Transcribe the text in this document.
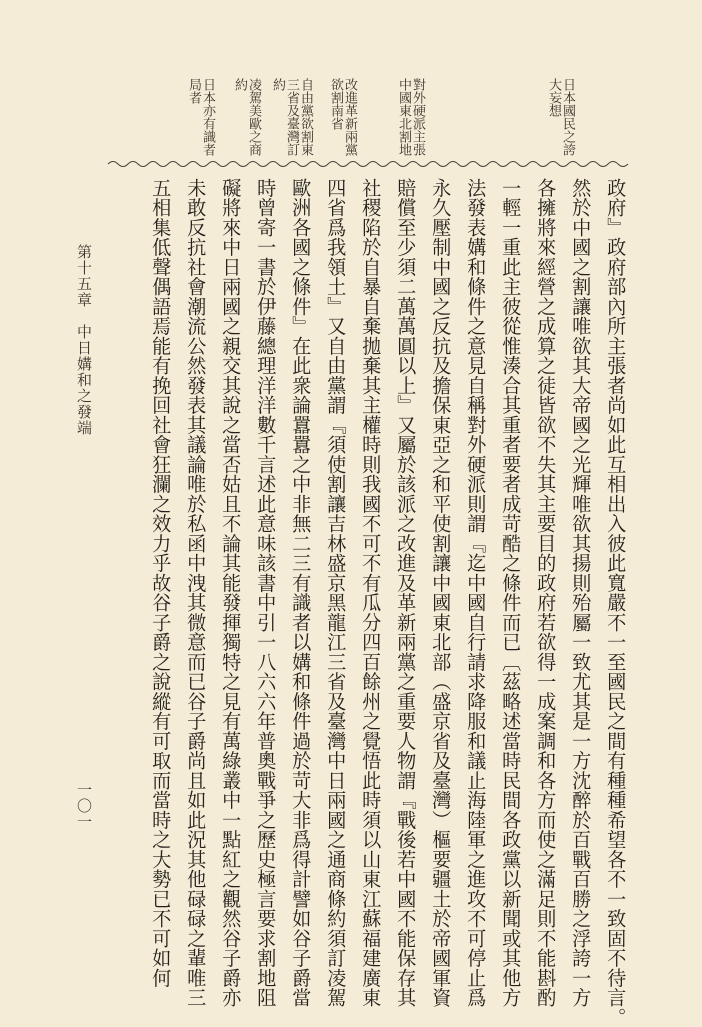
日本國民之誇大妄想
對外硬派主張中國東北割地
改進革新兩黨欲割南省
自由黨欲割東三省及臺灣訂約
凌駕美歐之商約
日本亦有識者局者
政府』政府部內所主張者尚如此互相出入彼此寬嚴不一至國民之間有種種希望各不一致固不待言。
然於中國之割讓唯欲其大帝國之光輝唯欲其揚則殆屬一致尤其是一方沈醉於百戰百勝之浮誇一方
各擁將來經營之成算之徒皆欲不失其主要目的政府若欲得一成案調和各方而使之滿足則不能斟酌
一輕一重此主彼從惟湊合其重者要者成苛酷之條件而已〔茲略述當時民間各政黨以新聞或其他方
法發表媾和條件之意見自稱對外硬派則謂『迄中國自行請求降服和議止海陸軍之進攻不可停止爲
永久壓制中國之反抗及擔保東亞之和平使割讓中國東北部（盛京省及臺灣）樞要疆土於帝國軍資
賠償至少須二萬萬圓以上』又屬於該派之改進及革新兩黨之重要人物謂『戰後若中國不能保存其
社稷陷於自暴自棄拋棄其主權時則我國不可不有瓜分四百餘州之覺悟此時須以山東江蘇福建廣東
四省爲我領土』又自由黨謂『須使割讓吉林盛京黑龍江三省及臺灣中日兩國之通商條約須訂凌駕
歐洲各國之條件』在此衆論囂囂之中非無二三有識者以媾和條件過於苛大非爲得計譬如谷子爵當
時曾寄一書於伊藤總理洋洋數千言述此意味該書中引一八六六年普奧戰爭之歷史極言要求割地阻
礙將來中日兩國之親交其說之當否姑且不論其能發揮獨特之見有萬綠叢中一點紅之觀然谷子爵亦
未敢反抗社會潮流公然發表其議論唯於私函中洩其微意而已谷子爵尚且如此況其他碌碌之輩唯三
五相集低聲偶語焉能有挽回社會狂瀾之效力乎故谷子爵之說縱有可取而當時之大勢已不可如何
第十五章　中日媾和之發端
一〇一
